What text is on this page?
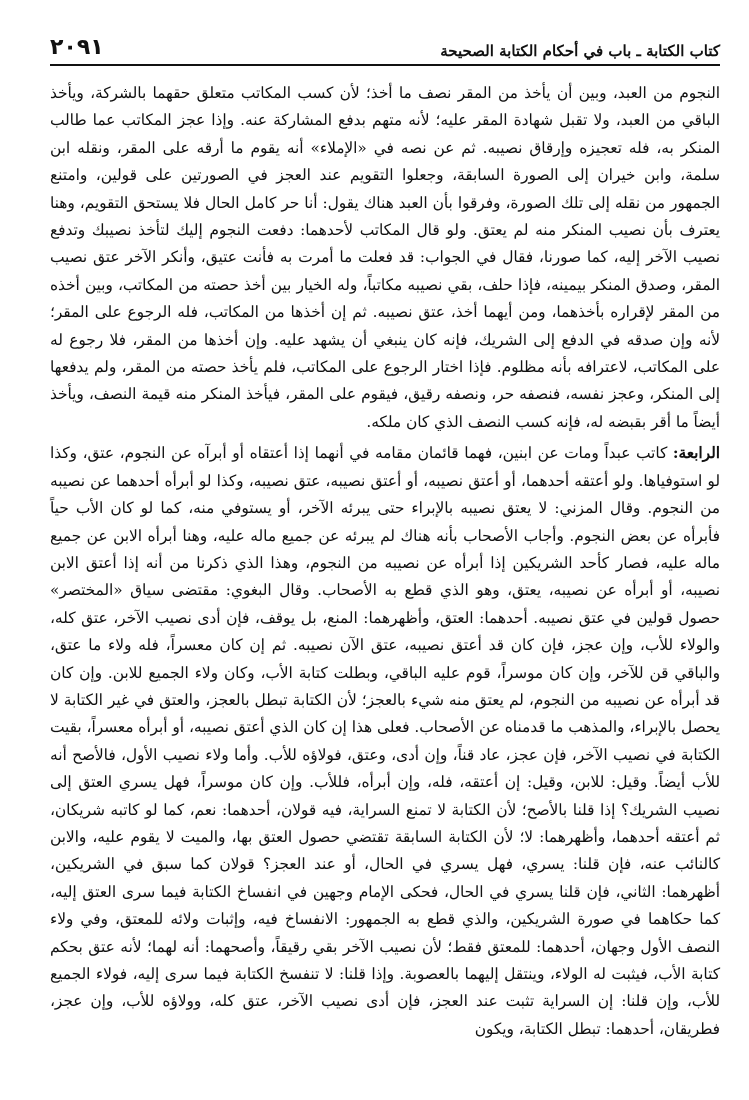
كتاب الكتابة ـ باب في أحكام الكتابة الصحيحة
٢٠٩١

النجوم من العبد، وبين أن يأخذ من المقر نصف ما أخذ؛ لأن كسب المكاتب متعلق حقهما بالشركة، ويأخذ الباقي من العبد، ولا تقبل شهادة المقر عليه؛ لأنه متهم بدفع المشاركة عنه. وإذا عجز المكاتب عما طالب المنكر به، فله تعجيزه وإرقاق نصيبه. ثم عن نصه في «الإملاء» أنه يقوم ما أرقه على المقر، ونقله ابن سلمة، وابن خيران إلى الصورة السابقة، وجعلوا التقويم عند العجز في الصورتين على قولين، وامتنع الجمهور من نقله إلى تلك الصورة، وفرقوا بأن العبد هناك يقول: أنا حر كامل الحال فلا يستحق التقويم، وهنا يعترف بأن نصيب المنكر منه لم يعتق. ولو قال المكاتب لأحدهما: دفعت النجوم إليك لتأخذ نصيبك وتدفع نصيب الآخر إليه، كما صورنا، فقال في الجواب: قد فعلت ما أمرت به فأنت عتيق، وأنكر الآخر عتق نصيب المقر، وصدق المنكر بيمينه، فإذا حلف، بقي نصيبه مكاتباً، وله الخيار بين أخذ حصته من المكاتب، وبين أخذه من المقر لإقراره بأخذهما، ومن أيهما أخذ، عتق نصيبه. ثم إن أخذها من المكاتب، فله الرجوع على المقر؛ لأنه وإن صدقه في الدفع إلى الشريك، فإنه كان ينبغي أن يشهد عليه. وإن أخذها من المقر، فلا رجوع له على المكاتب، لاعترافه بأنه مظلوم. فإذا اختار الرجوع على المكاتب، فلم يأخذ حصته من المقر، ولم يدفعها إلى المنكر، وعجز نفسه، فنصفه حر، ونصفه رقيق، فيقوم على المقر، فيأخذ المنكر منه قيمة النصف، ويأخذ أيضاً ما أقر بقبضه له، فإنه كسب النصف الذي كان ملكه.

الرابعة: كاتب عبداً ومات عن ابنين، فهما قائمان مقامه في أنهما إذا أعتقاه أو أبرآه عن النجوم، عتق، وكذا لو استوفياها. ولو أعتقه أحدهما، أو أعتق نصيبه، أو أعتق نصيبه، عتق نصيبه، وكذا لو أبرأه أحدهما عن نصيبه من النجوم. وقال المزني: لا يعتق نصيبه بالإبراء حتى يبرئه الآخر، أو يستوفي منه، كما لو كان الأب حياً فأبرأه عن بعض النجوم. وأجاب الأصحاب بأنه هناك لم يبرئه عن جميع ماله عليه، وهنا أبرأه الابن عن جميع ماله عليه، فصار كأحد الشريكين إذا أبرأه عن نصيبه من النجوم، وهذا الذي ذكرنا من أنه إذا أعتق الابن نصيبه، أو أبرأه عن نصيبه، يعتق، وهو الذي قطع به الأصحاب. وقال البغوي: مقتضى سياق «المختصر» حصول قولين في عتق نصيبه. أحدهما: العتق، وأظهرهما: المنع، بل يوقف، فإن أدى نصيب الآخر، عتق كله، والولاء للأب، وإن عجز، فإن كان قد أعتق نصيبه، عتق الآن نصيبه. ثم إن كان معسراً، فله ولاء ما عتق، والباقي قن للآخر، وإن كان موسراً، قوم عليه الباقي، وبطلت كتابة الأب، وكان ولاء الجميع للابن. وإن كان قد أبرأه عن نصيبه من النجوم، لم يعتق منه شيء بالعجز؛ لأن الكتابة تبطل بالعجز، والعتق في غير الكتابة لا يحصل بالإبراء، والمذهب ما قدمناه عن الأصحاب. فعلى هذا إن كان الذي أعتق نصيبه، أو أبرأه معسراً، بقيت الكتابة في نصيب الآخر، فإن عجز، عاد قناً، وإن أدى، وعتق، فولاؤه للأب. وأما ولاء نصيب الأول، فالأصح أنه للأب أيضاً. وقيل: للابن، وقيل: إن أعتقه، فله، وإن أبرأه، فللأب. وإن كان موسراً، فهل يسري العتق إلى نصيب الشريك؟ إذا قلنا بالأصح؛ لأن الكتابة لا تمنع السراية، فيه قولان، أحدهما: نعم، كما لو كاتبه شريكان، ثم أعتقه أحدهما، وأظهرهما: لا؛ لأن الكتابة السابقة تقتضي حصول العتق بها، والميت لا يقوم عليه، والابن كالنائب عنه، فإن قلنا: يسري، فهل يسري في الحال، أو عند العجز؟ قولان كما سبق في الشريكين، أظهرهما: الثاني، فإن قلنا يسري في الحال، فحكى الإمام وجهين في انفساخ الكتابة فيما سرى العتق إليه، كما حكاهما في صورة الشريكين، والذي قطع به الجمهور: الانفساخ فيه، وإثبات ولائه للمعتق، وفي ولاء النصف الأول وجهان، أحدهما: للمعتق فقط؛ لأن نصيب الآخر بقي رقيقاً، وأصحهما: أنه لهما؛ لأنه عتق بحكم كتابة الأب، فيثبت له الولاء، وينتقل إليهما بالعصوبة. وإذا قلنا: لا تنفسخ الكتابة فيما سرى إليه، فولاء الجميع للأب، وإن قلنا: إن السراية تثبت عند العجز، فإن أدى نصيب الآخر، عتق كله، وولاؤه للأب، وإن عجز، فطريقان، أحدهما: تبطل الكتابة، ويكون
